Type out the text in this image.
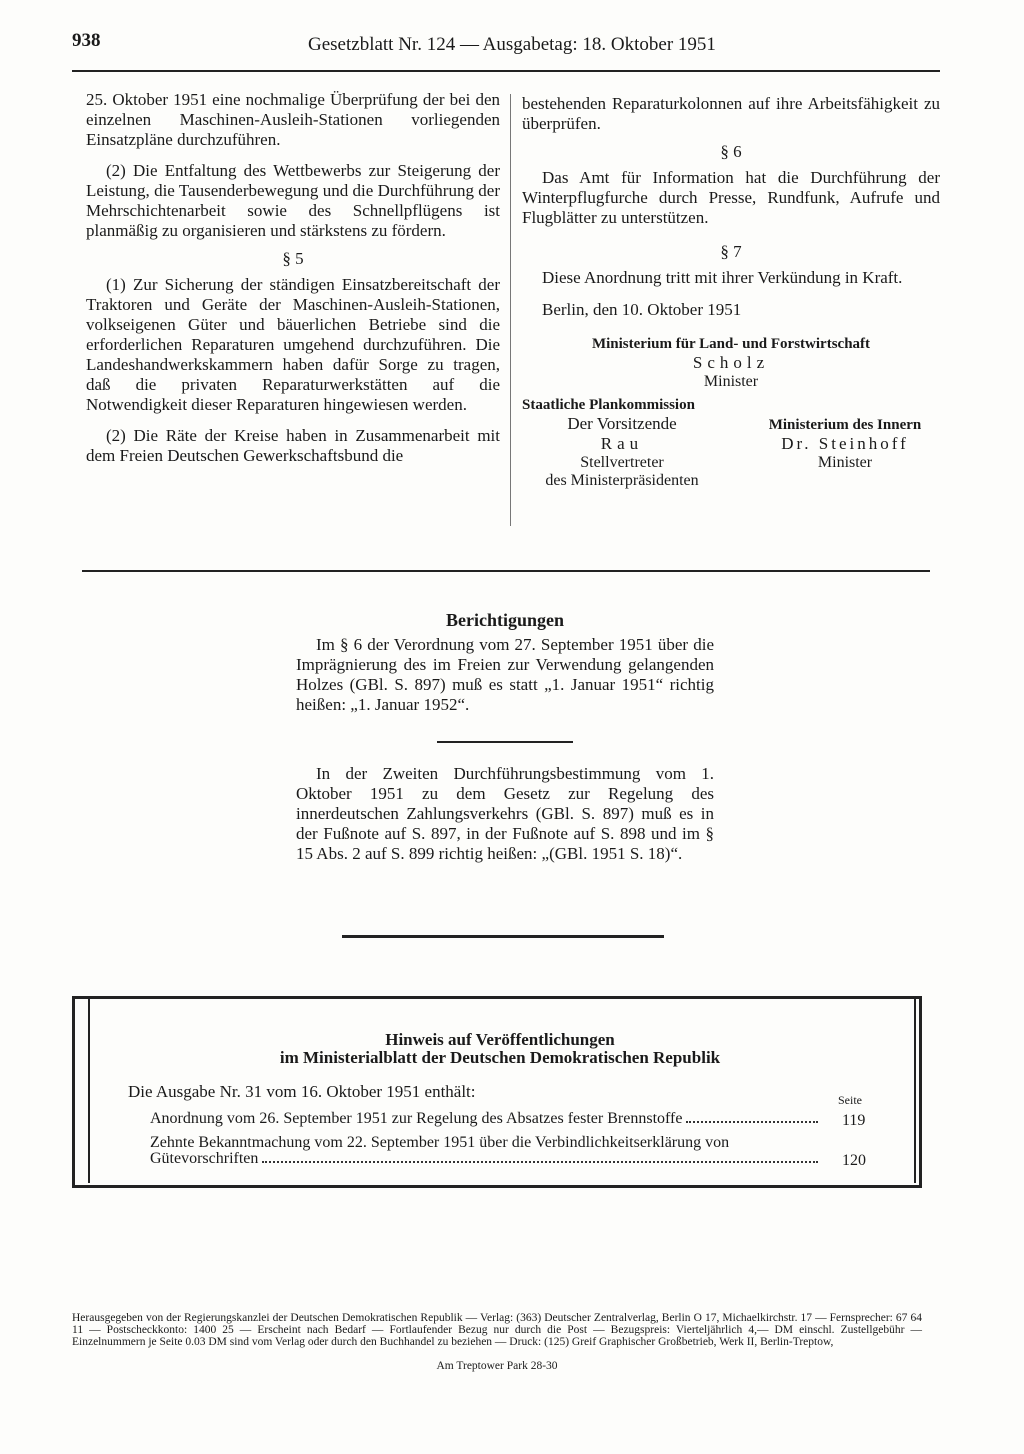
938	Gesetzblatt Nr. 124 — Ausgabetag: 18. Oktober 1951

25. Oktober 1951 eine nochmalige Überprüfung der bei den einzelnen Maschinen-Ausleih-Stationen vorliegenden Einsatzpläne durchzuführen.

(2) Die Entfaltung des Wettbewerbs zur Steigerung der Leistung, die Tausenderbewegung und die Durchführung der Mehrschichtenarbeit sowie des Schnellpflügens ist planmäßig zu organisieren und stärkstens zu fördern.

§ 5

(1) Zur Sicherung der ständigen Einsatzbereitschaft der Traktoren und Geräte der Maschinen-Ausleih-Stationen, volkseigenen Güter und bäuerlichen Betriebe sind die erforderlichen Reparaturen umgehend durchzuführen. Die Landeshandwerkskammern haben dafür Sorge zu tragen, daß die privaten Reparaturwerkstätten auf die Notwendigkeit dieser Reparaturen hingewiesen werden.

(2) Die Räte der Kreise haben in Zusammenarbeit mit dem Freien Deutschen Gewerkschaftsbund die

bestehenden Reparaturkolonnen auf ihre Arbeitsfähigkeit zu überprüfen.

§ 6

Das Amt für Information hat die Durchführung der Winterpflugfurche durch Presse, Rundfunk, Aufrufe und Flugblätter zu unterstützen.

§ 7

Diese Anordnung tritt mit ihrer Verkündung in Kraft.

Berlin, den 10. Oktober 1951

Ministerium für Land- und Forstwirtschaft
Scholz
Minister
Staatliche Plankommission
Der Vorsitzende
Rau
Stellvertreter
des Ministerpräsidenten
Ministerium des Innern
Dr. Steinhoff
Minister
Berichtigungen

Im § 6 der Verordnung vom 27. September 1951 über die Imprägnierung des im Freien zur Verwendung gelangenden Holzes (GBl. S. 897) muß es statt „1. Januar 1951“ richtig heißen: „1. Januar 1952“.

In der Zweiten Durchführungsbestimmung vom 1. Oktober 1951 zu dem Gesetz zur Regelung des innerdeutschen Zahlungsverkehrs (GBl. S. 897) muß es in der Fußnote auf S. 897, in der Fußnote auf S. 898 und im § 15 Abs. 2 auf S. 899 richtig heißen: „(GBl. 1951 S. 18)“.

Hinweis auf Veröffentlichungen
im Ministerialblatt der Deutschen Demokratischen Republik
Die Ausgabe Nr. 31 vom 16. Oktober 1951 enthält:	Seite
Anordnung vom 26. September 1951 zur Regelung des Absatzes fester Brennstoffe	119
Zehnte Bekanntmachung vom 22. September 1951 über die Verbindlichkeitserklärung von
Gütevorschriften	120
Herausgegeben von der Regierungskanzlei der Deutschen Demokratischen Republik — Verlag: (363) Deutscher Zentralverlag, Berlin O 17, Michaelkirchstr. 17 — Fernsprecher: 67 64 11 — Postscheckkonto: 1400 25 — Erscheint nach Bedarf — Fortlaufender Bezug nur durch die Post — Bezugspreis: Vierteljährlich 4,— DM einschl. Zustellgebühr — Einzelnummern je Seite 0.03 DM sind vom Verlag oder durch den Buchhandel zu beziehen — Druck: (125) Greif Graphischer Großbetrieb, Werk II, Berlin-Treptow,
Am Treptower Park 28-30
